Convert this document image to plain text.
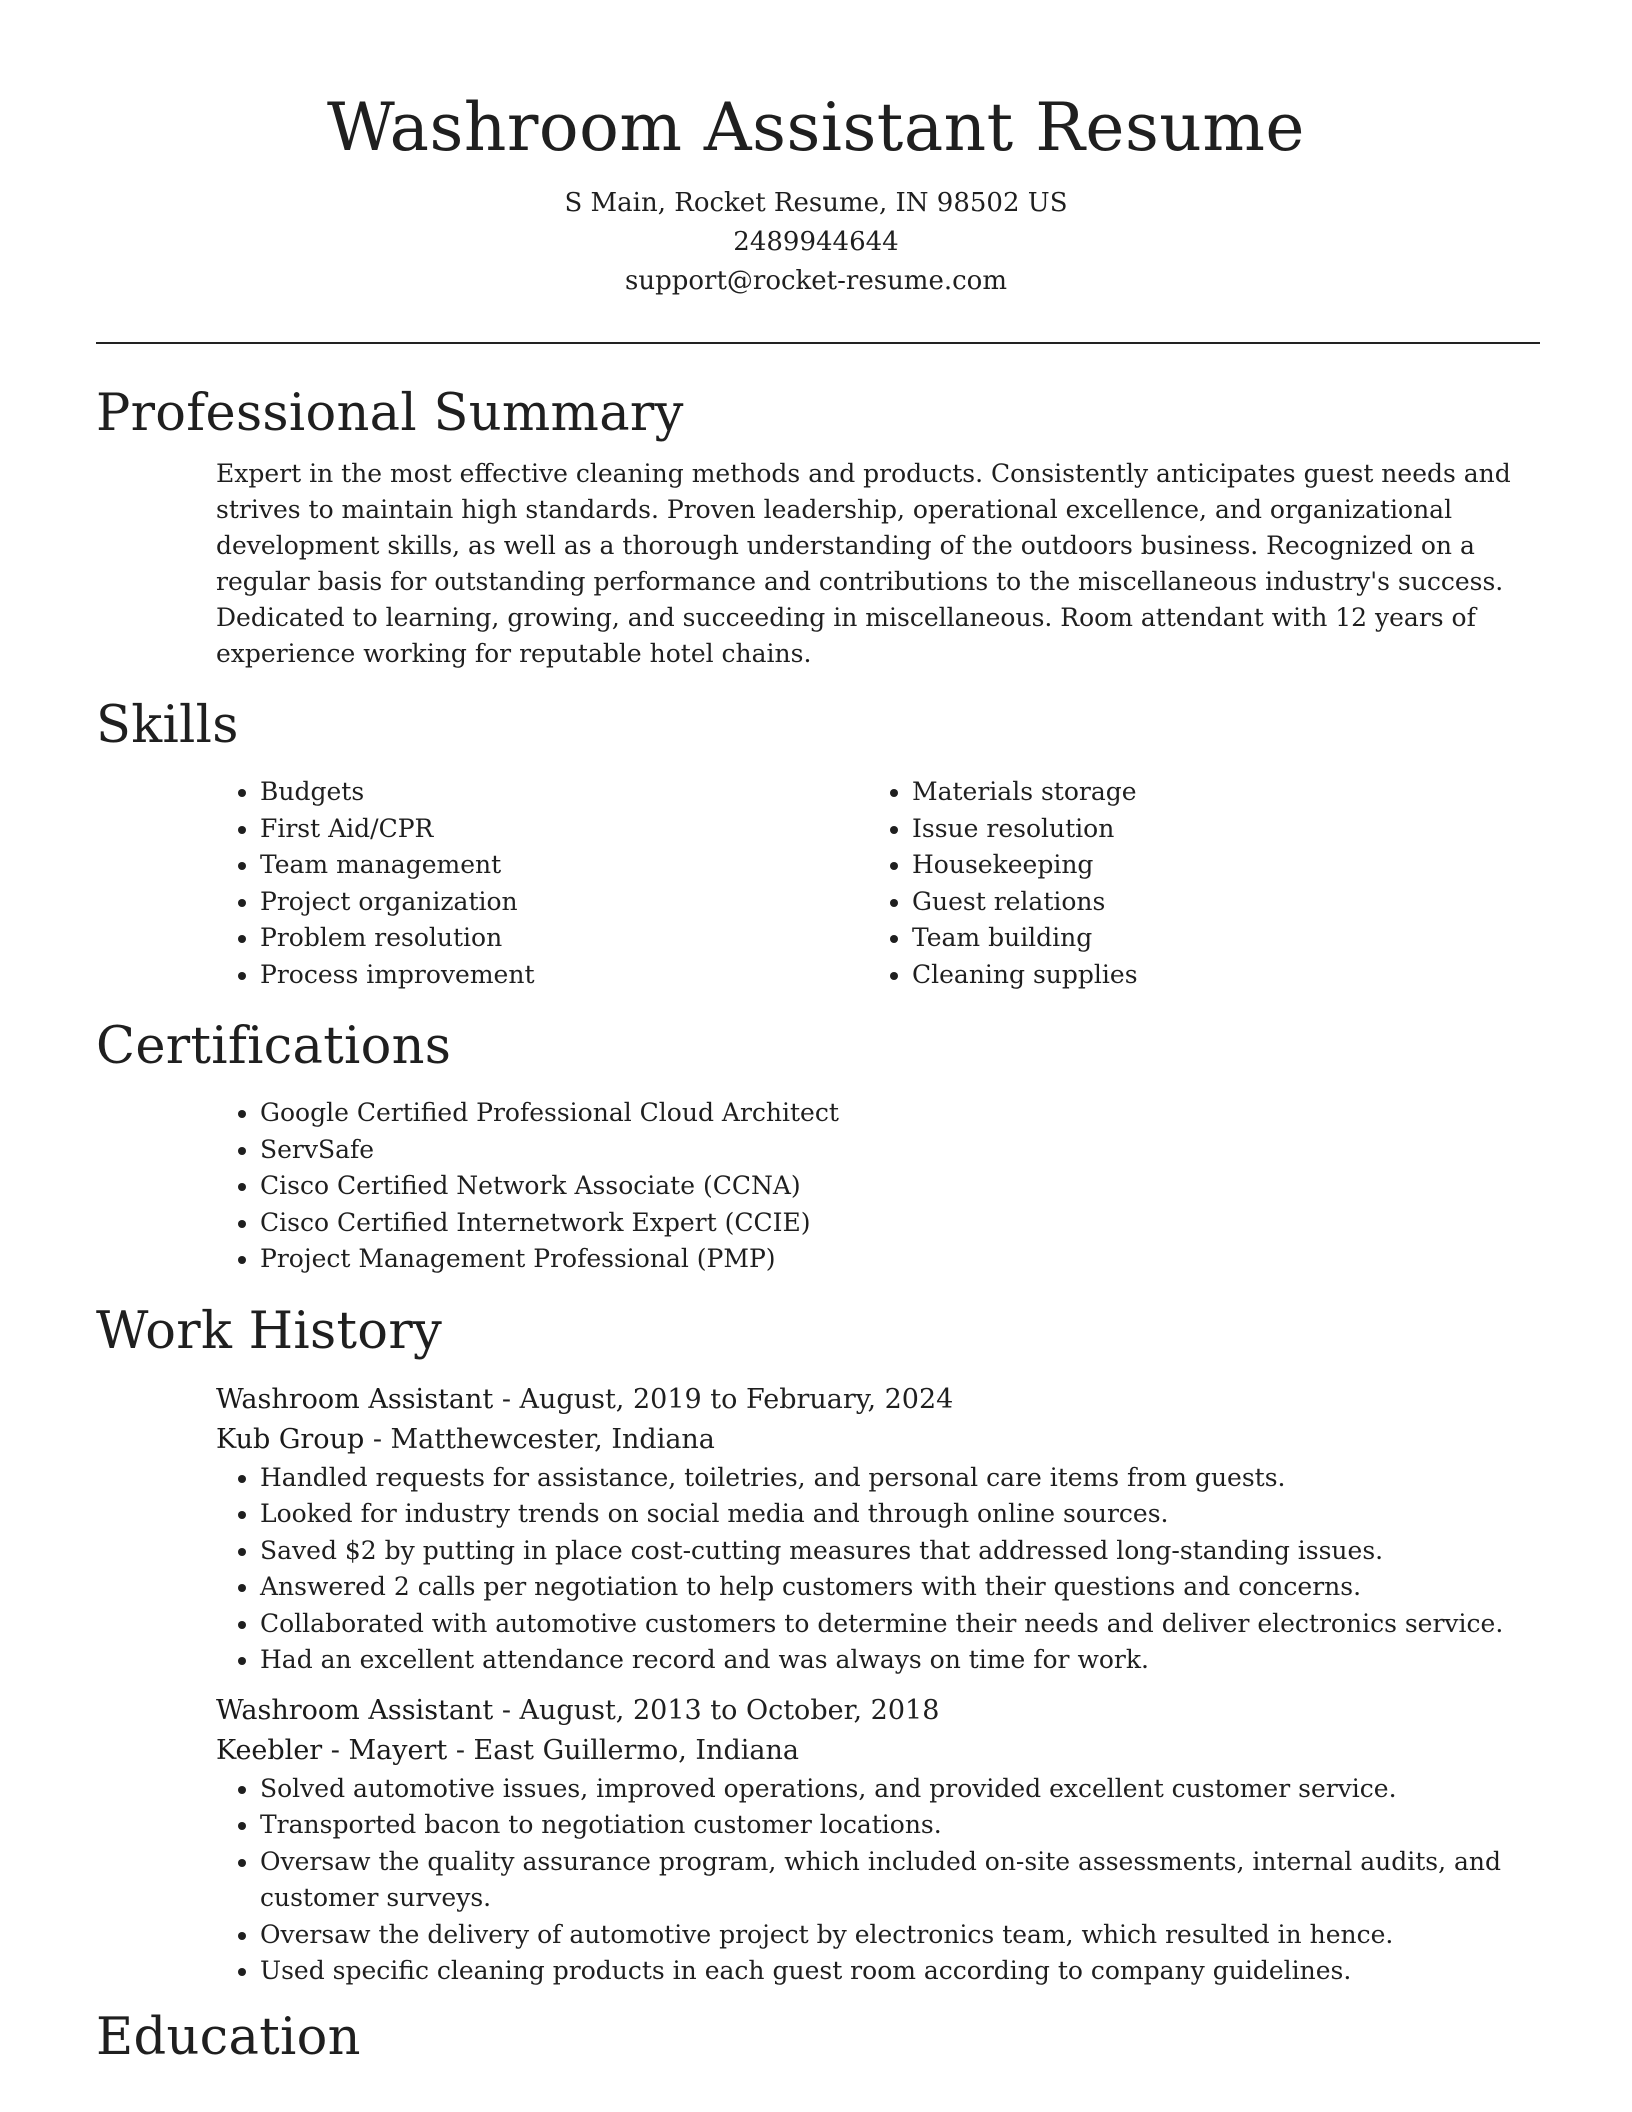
Washroom Assistant Resume
S Main, Rocket Resume, IN 98502 US
2489944644
support@rocket-resume.com
Professional Summary

Expert in the most effective cleaning methods and products. Consistently anticipates guest needs and strives to maintain high standards. Proven leadership, operational excellence, and organizational development skills, as well as a thorough understanding of the outdoors business. Recognized on a regular basis for outstanding performance and contributions to the miscellaneous industry's success. Dedicated to learning, growing, and succeeding in miscellaneous. Room attendant with 12 years of experience working for reputable hotel chains.

Skills
• Budgets
• First Aid/CPR
• Team management
• Project organization
• Problem resolution
• Process improvement
• Materials storage
• Issue resolution
• Housekeeping
• Guest relations
• Team building
• Cleaning supplies
Certifications
• Google Certified Professional Cloud Architect
• ServSafe
• Cisco Certified Network Associate (CCNA)
• Cisco Certified Internetwork Expert (CCIE)
• Project Management Professional (PMP)
Work History
Washroom Assistant - August, 2019 to February, 2024
Kub Group - Matthewcester, Indiana
• Handled requests for assistance, toiletries, and personal care items from guests.
• Looked for industry trends on social media and through online sources.
• Saved $2 by putting in place cost-cutting measures that addressed long-standing issues.
• Answered 2 calls per negotiation to help customers with their questions and concerns.
• Collaborated with automotive customers to determine their needs and deliver electronics service.
• Had an excellent attendance record and was always on time for work.
Washroom Assistant - August, 2013 to October, 2018
Keebler - Mayert - East Guillermo, Indiana
• Solved automotive issues, improved operations, and provided excellent customer service.
• Transported bacon to negotiation customer locations.
• Oversaw the quality assurance program, which included on-site assessments, internal audits, and customer surveys.
• Oversaw the delivery of automotive project by electronics team, which resulted in hence.
• Used specific cleaning products in each guest room according to company guidelines.
Education
